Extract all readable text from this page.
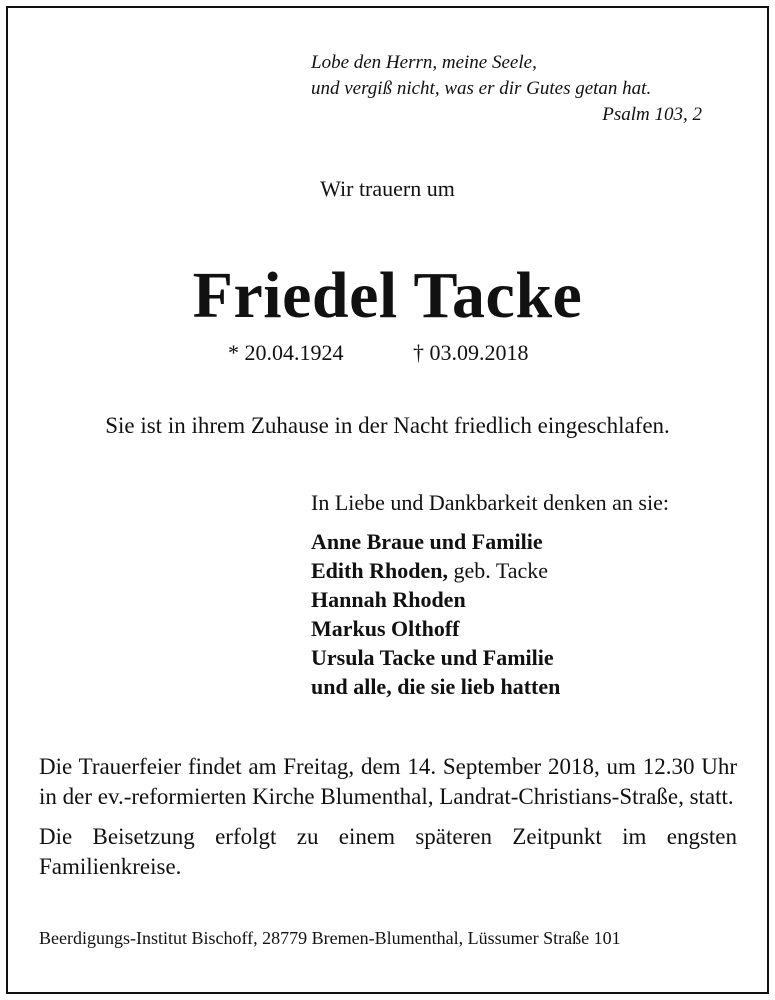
Lobe den Herrn, meine Seele,
und vergiß nicht, was er dir Gutes getan hat.
Psalm 103, 2
Wir trauern um
Friedel Tacke
* 20.04.1924	† 03.09.2018
Sie ist in ihrem Zuhause in der Nacht friedlich eingeschlafen.
In Liebe und Dankbarkeit denken an sie:
Anne Braue und Familie
Edith Rhoden, geb. Tacke
Hannah Rhoden
Markus Olthoff
Ursula Tacke und Familie
und alle, die sie lieb hatten

Die Trauerfeier findet am Freitag, dem 14. September 2018, um 12.30 Uhr in der ev.-reformierten Kirche Blumenthal, Landrat-Christians-Straße, statt.

Die Beisetzung erfolgt zu einem späteren Zeitpunkt im engsten Familienkreise.

Beerdigungs-Institut Bischoff, 28779 Bremen-Blumenthal, Lüssumer Straße 101
